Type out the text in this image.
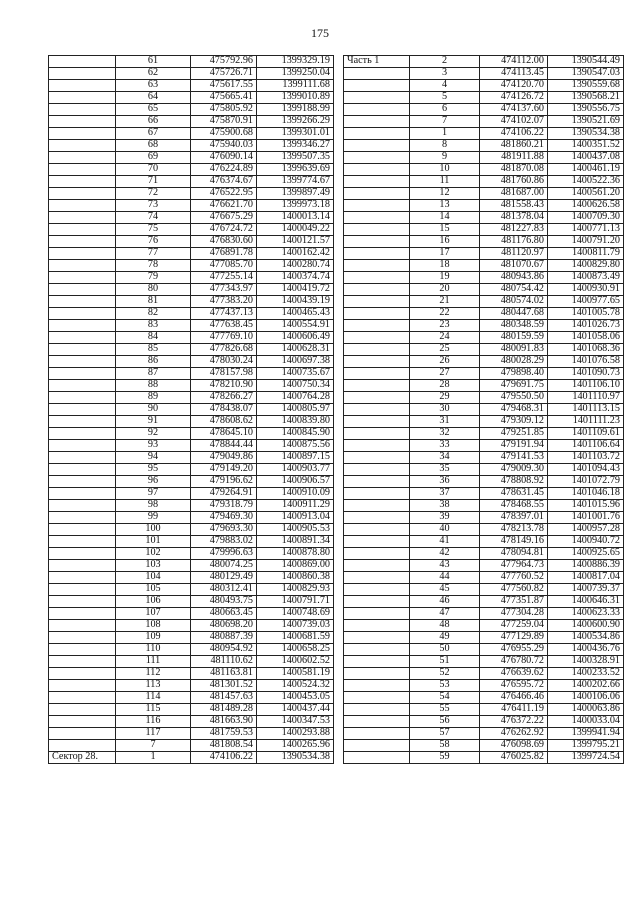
175
	61	475792.96	1399329.19
	62	475726.71	1399250.04
	63	475617.55	1399111.68
	64	475665.41	1399010.89
	65	475805.92	1399188.99
	66	475870.91	1399266.29
	67	475900.68	1399301.01
	68	475940.03	1399346.27
	69	476090.14	1399507.35
	70	476224.89	1399639.69
	71	476374.67	1399774.67
	72	476522.95	1399897.49
	73	476621.70	1399973.18
	74	476675.29	1400013.14
	75	476724.72	1400049.22
	76	476830.60	1400121.57
	77	476891.78	1400162.42
	78	477085.70	1400280.74
	79	477255.14	1400374.74
	80	477343.97	1400419.72
	81	477383.20	1400439.19
	82	477437.13	1400465.43
	83	477638.45	1400554.91
	84	477769.10	1400606.49
	85	477826.68	1400628.31
	86	478030.24	1400697.38
	87	478157.98	1400735.67
	88	478210.90	1400750.34
	89	478266.27	1400764.28
	90	478438.07	1400805.97
	91	478608.62	1400839.80
	92	478645.10	1400845.90
	93	478844.44	1400875.56
	94	479049.86	1400897.15
	95	479149.20	1400903.77
	96	479196.62	1400906.57
	97	479264.91	1400910.09
	98	479318.79	1400911.29
	99	479469.30	1400913.04
	100	479693.30	1400905.53
	101	479883.02	1400891.34
	102	479996.63	1400878.80
	103	480074.25	1400869.00
	104	480129.49	1400860.38
	105	480312.41	1400829.93
	106	480493.75	1400791.71
	107	480663.45	1400748.69
	108	480698.20	1400739.03
	109	480887.39	1400681.59
	110	480954.92	1400658.25
	111	481110.62	1400602.52
	112	481163.81	1400581.19
	113	481301.52	1400524.32
	114	481457.63	1400453.05
	115	481489.28	1400437.44
	116	481663.90	1400347.53
	117	481759.53	1400293.88
	7	481808.54	1400265.96
Сектор 28.	1	474106.22	1390534.38
Часть 1	2	474112.00	1390544.49
	3	474113.45	1390547.03
	4	474120.70	1390559.68
	5	474126.72	1390568.21
	6	474137.60	1390556.75
	7	474102.07	1390521.69
	1	474106.22	1390534.38
	8	481860.21	1400351.52
	9	481911.88	1400437.08
	10	481870.08	1400461.19
	11	481760.86	1400522.36
	12	481687.00	1400561.20
	13	481558.43	1400626.58
	14	481378.04	1400709.30
	15	481227.83	1400771.13
	16	481176.80	1400791.20
	17	481120.97	1400811.79
	18	481070.67	1400829.80
	19	480943.86	1400873.49
	20	480754.42	1400930.91
	21	480574.02	1400977.65
	22	480447.68	1401005.78
	23	480348.59	1401026.73
	24	480159.59	1401058.06
	25	480091.83	1401068.36
	26	480028.29	1401076.58
	27	479898.40	1401090.73
	28	479691.75	1401106.10
	29	479550.50	1401110.97
	30	479468.31	1401113.15
	31	479309.12	1401111.23
	32	479251.85	1401109.61
	33	479191.94	1401106.64
	34	479141.53	1401103.72
	35	479009.30	1401094.43
	36	478808.92	1401072.79
	37	478631.45	1401046.18
	38	478468.55	1401015.96
	39	478397.01	1401001.76
	40	478213.78	1400957.28
	41	478149.16	1400940.72
	42	478094.81	1400925.65
	43	477964.73	1400886.39
	44	477760.52	1400817.04
	45	477560.82	1400739.37
	46	477351.87	1400646.31
	47	477304.28	1400623.33
	48	477259.04	1400600.90
	49	477129.89	1400534.86
	50	476955.29	1400436.76
	51	476780.72	1400328.91
	52	476639.62	1400233.52
	53	476595.72	1400202.66
	54	476466.46	1400106.06
	55	476411.19	1400063.86
	56	476372.22	1400033.04
	57	476262.92	1399941.94
	58	476098.69	1399795.21
	59	476025.82	1399724.54
